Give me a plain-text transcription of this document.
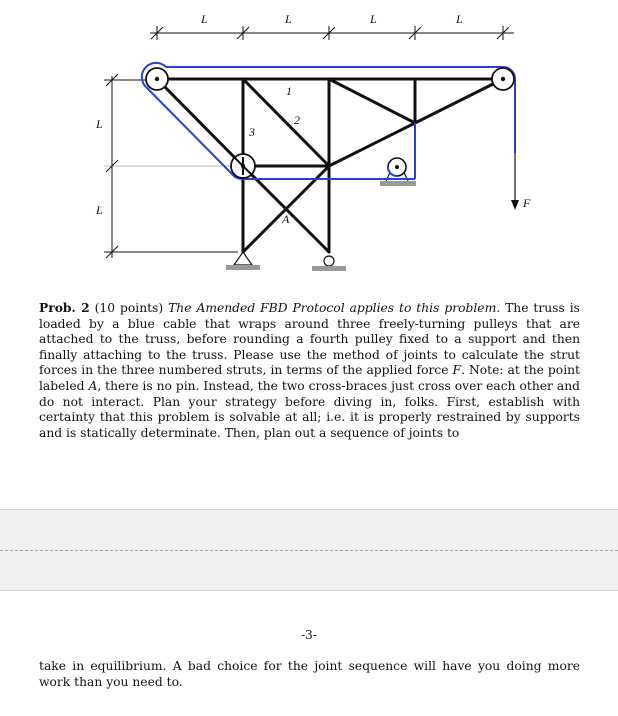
L	L	L	L
L
L	F
1
2
3
A
Prob. 2 (10 points) The Amended FBD Protocol applies to this problem. The truss is loaded by a blue cable that wraps around three freely-turning pulleys that are attached to the truss, before rounding a fourth pulley fixed to a support and then finally attaching to the truss. Please use the method of joints to calculate the strut forces in the three numbered struts, in terms of the applied force F. Note: at the point labeled A, there is no pin. Instead, the two cross-braces just cross over each other and do not interact. Plan your strategy before diving in, folks. First, establish with certainty that this problem is solvable at all; i.e. it is properly restrained by supports and is statically determinate. Then, plan out a sequence of joints to
-3-
take in equilibrium. A bad choice for the joint sequence will have you doing more work than you need to.
